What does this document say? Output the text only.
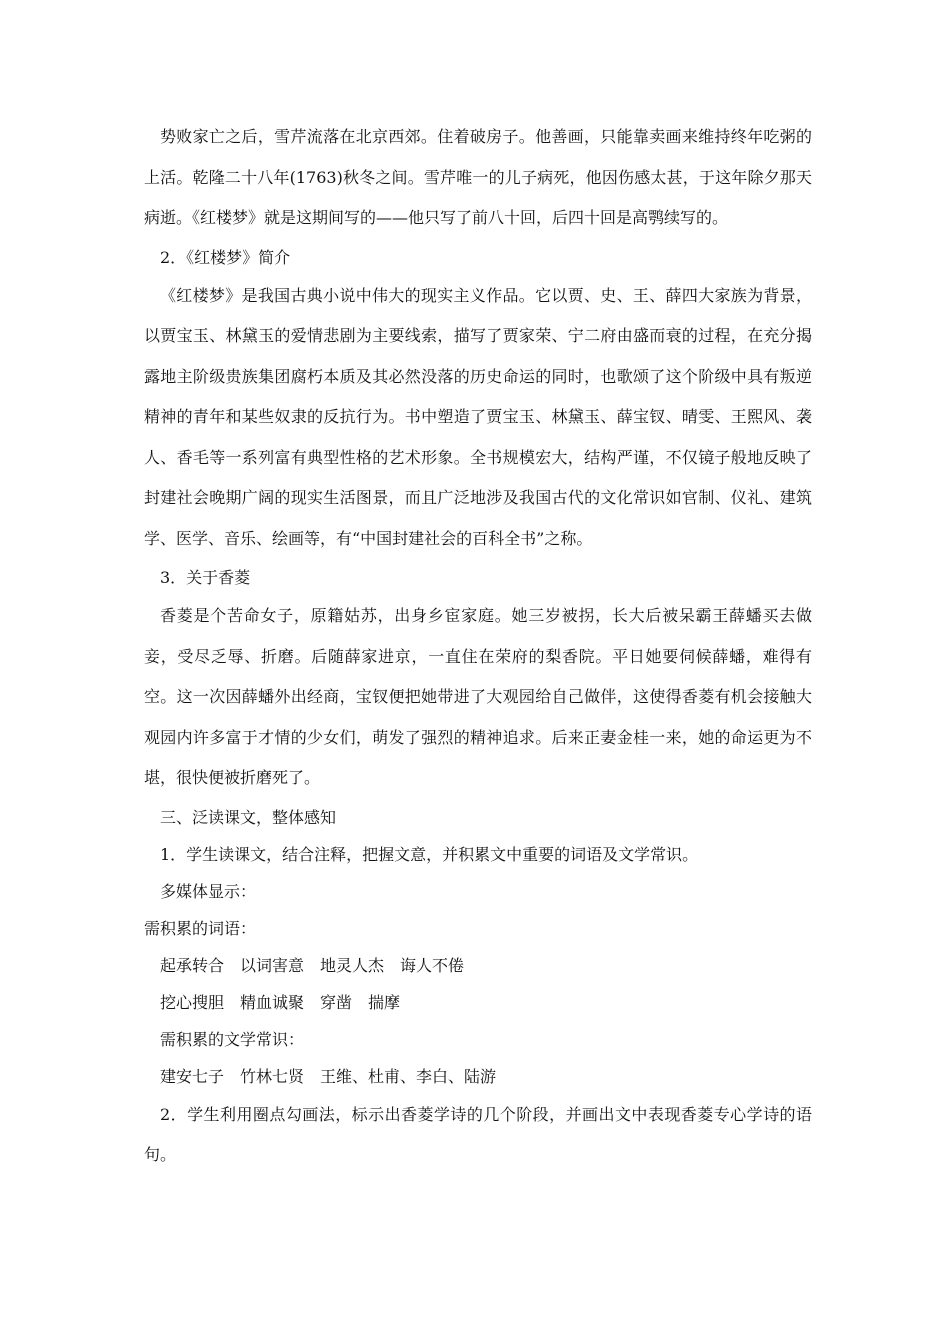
势败家亡之后，雪芹流落在北京西郊。住着破房子。他善画，只能靠卖画来维持终年吃粥的上活。乾隆二十八年(1763)秋冬之间。雪芹唯一的儿子病死，他因伤感太甚，于这年除夕那天病逝。《红楼梦》就是这期间写的——他只写了前八十回，后四十回是高鹗续写的。

2．《红楼梦》简介

《红楼梦》是我国古典小说中伟大的现实主义作品。它以贾、史、王、薛四大家族为背景，以贾宝玉、林黛玉的爱情悲剧为主要线索，描写了贾家荣、宁二府由盛而衰的过程，在充分揭露地主阶级贵族集团腐朽本质及其必然没落的历史命运的同时，也歌颂了这个阶级中具有叛逆精神的青年和某些奴隶的反抗行为。书中塑造了贾宝玉、林黛玉、薛宝钗、晴雯、王熙风、袭人、香毛等一系列富有典型性格的艺术形象。全书规模宏大，结构严谨，不仅镜子般地反映了封建社会晚期广阔的现实生活图景，而且广泛地涉及我国古代的文化常识如官制、仪礼、建筑学、医学、音乐、绘画等，有“中国封建社会的百科全书”之称。

3．关于香菱

香菱是个苦命女子，原籍姑苏，出身乡宦家庭。她三岁被拐，长大后被呆霸王薛蟠买去做妾，受尽乏辱、折磨。后随薛家进京，一直住在荣府的梨香院。平日她要伺候薛蟠，难得有空。这一次因薛蟠外出经商，宝钗便把她带进了大观园给自己做伴，这使得香菱有机会接触大观园内许多富于才情的少女们，萌发了强烈的精神追求。后来正妻金桂一来，她的命运更为不堪，很快便被折磨死了。

三、泛读课文，整体感知

1．学生读课文，结合注释，把握文意，并积累文中重要的词语及文学常识。

多媒体显示：

需积累的词语：

起承转合　以词害意　地灵人杰　诲人不倦

挖心搜胆　精血诚聚　穿凿　揣摩

需积累的文学常识：

建安七子　竹林七贤　王维、杜甫、李白、陆游

2．学生利用圈点勾画法，标示出香菱学诗的几个阶段，并画出文中表现香菱专心学诗的语句。
